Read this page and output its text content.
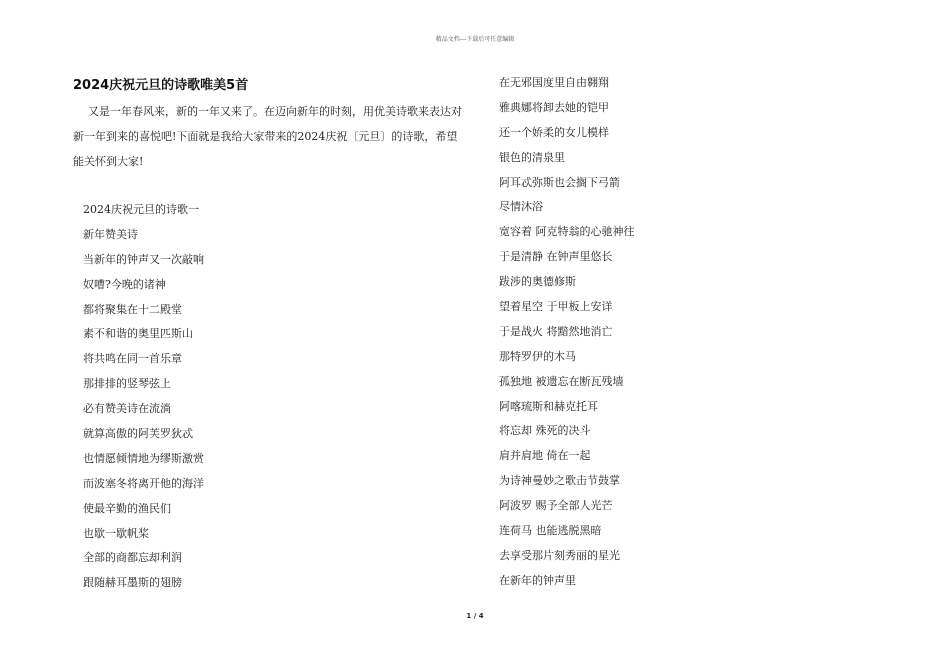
精品文档---下载后可任意编辑
2024庆祝元旦的诗歌唯美5首

又是一年春风来，新的一年又来了。在迈向新年的时刻，用优美诗歌来表达对新一年到来的喜悦吧!下面就是我给大家带来的2024庆祝〔元旦〕的诗歌，希望能关怀到大家!

2024庆祝元旦的诗歌一
新年赞美诗
当新年的钟声又一次敲响
奴嘈?今晚的诸神
都将聚集在十二殿堂
素不和谐的奥里匹斯山
将共鸣在同一首乐章
那排排的竖琴弦上
必有赞美诗在流淌
就算高傲的阿芙罗狄忒
也情愿倾情地为缪斯激赏
而波塞冬将离开他的海洋
使最辛勤的渔民们
也歇一歇帆桨
全部的商都忘却利润
跟随赫耳墨斯的翅膀
在无邪国度里自由翱翔
雅典娜将卸去她的铠甲
还一个娇柔的女儿模样
银色的清泉里
阿耳忒弥斯也会搁下弓箭
尽情沐浴
宽容着 阿克特翁的心驰神往
于是清静 在钟声里悠长
跋涉的奥德修斯
望着星空 于甲板上安详
于是战火 将黯然地消亡
那特罗伊的木马
孤独地 被遗忘在断瓦残墙
阿喀琉斯和赫克托耳
将忘却 殊死的决斗
肩并肩地 倚在一起
为诗神曼妙之歌击节鼓掌
阿波罗 赐予全部人光芒
连荷马 也能逃脱黑暗
去享受那片刻秀丽的星光
在新年的钟声里
1 / 4
